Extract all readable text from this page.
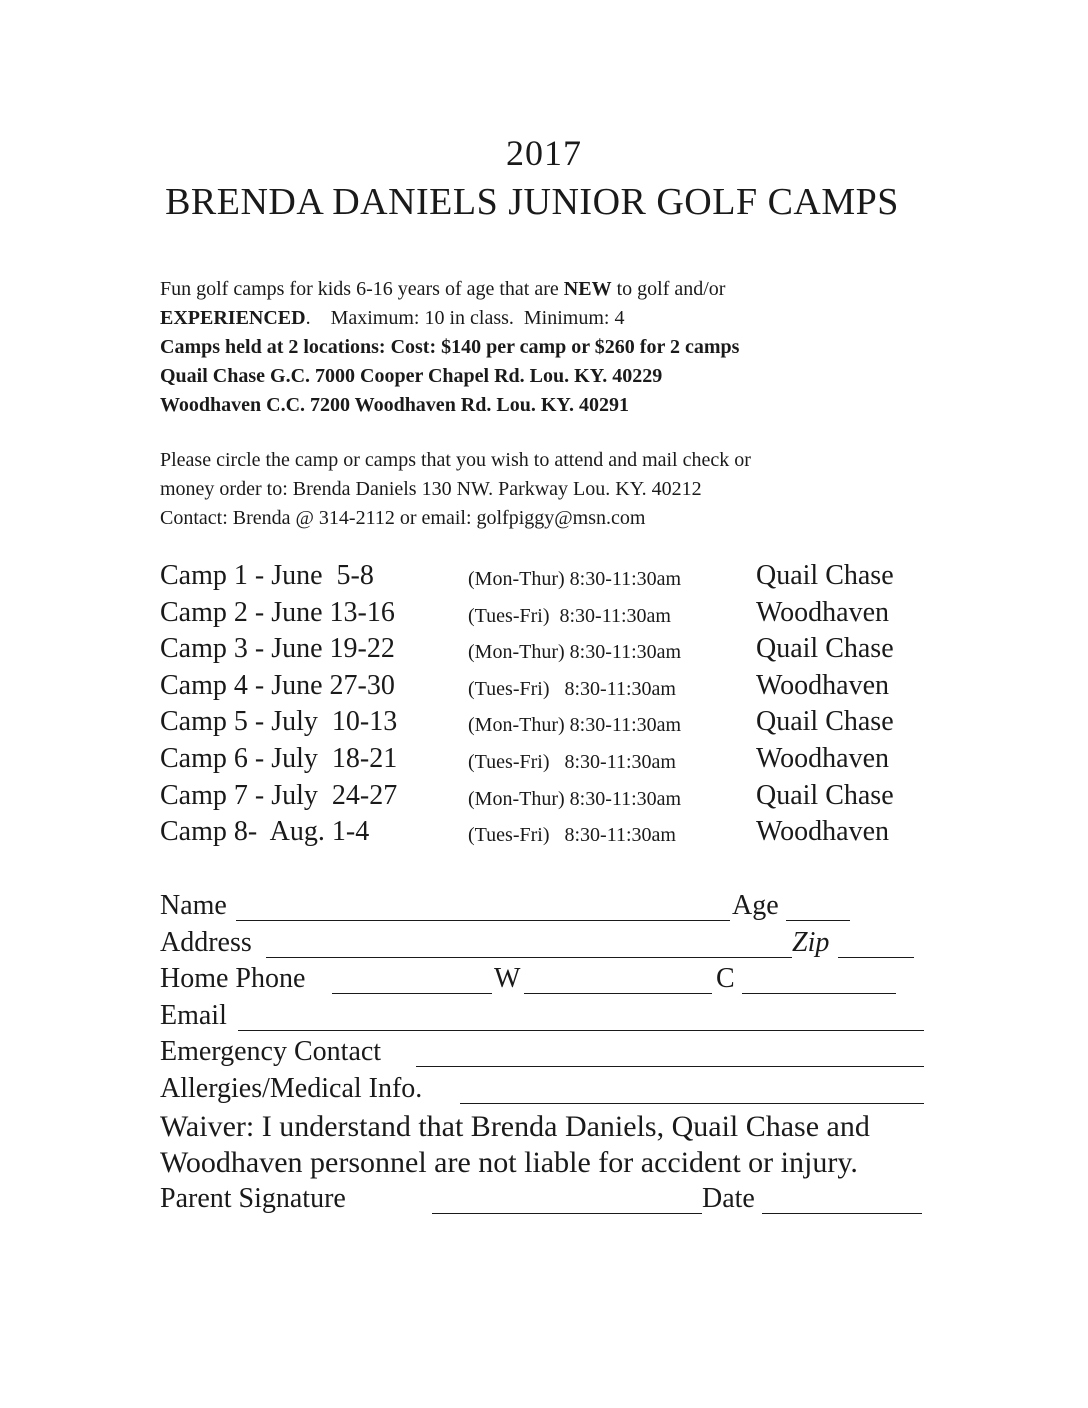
2017
BRENDA DANIELS JUNIOR GOLF CAMPS
Fun golf camps for kids 6-16 years of age that are NEW to golf and/or
EXPERIENCED.    Maximum: 10 in class.  Minimum: 4
Camps held at 2 locations: Cost: $140 per camp or $260 for 2 camps
Quail Chase G.C. 7000 Cooper Chapel Rd. Lou. KY. 40229
Woodhaven C.C. 7200 Woodhaven Rd. Lou. KY. 40291
Please circle the camp or camps that you wish to attend and mail check or
money order to: Brenda Daniels 130 NW. Parkway Lou. KY. 40212
Contact: Brenda @ 314-2112 or email: golfpiggy@msn.com
Camp 1 - June  5-8	(Mon-Thur) 8:30-11:30am	Quail Chase
Camp 2 - June 13-16	(Tues-Fri)  8:30-11:30am	Woodhaven
Camp 3 - June 19-22	(Mon-Thur) 8:30-11:30am	Quail Chase
Camp 4 - June 27-30	(Tues-Fri)   8:30-11:30am	Woodhaven
Camp 5 - July  10-13	(Mon-Thur) 8:30-11:30am	Quail Chase
Camp 6 - July  18-21	(Tues-Fri)   8:30-11:30am	Woodhaven
Camp 7 - July  24-27	(Mon-Thur) 8:30-11:30am	Quail Chase
Camp 8-  Aug. 1-4	(Tues-Fri)   8:30-11:30am	Woodhaven
Name	Age
Address	Zip
Home Phone	W	C
Email
Emergency Contact
Allergies/Medical Info.
Waiver: I understand that Brenda Daniels, Quail Chase and
Woodhaven personnel are not liable for accident or injury.
Parent Signature	Date
